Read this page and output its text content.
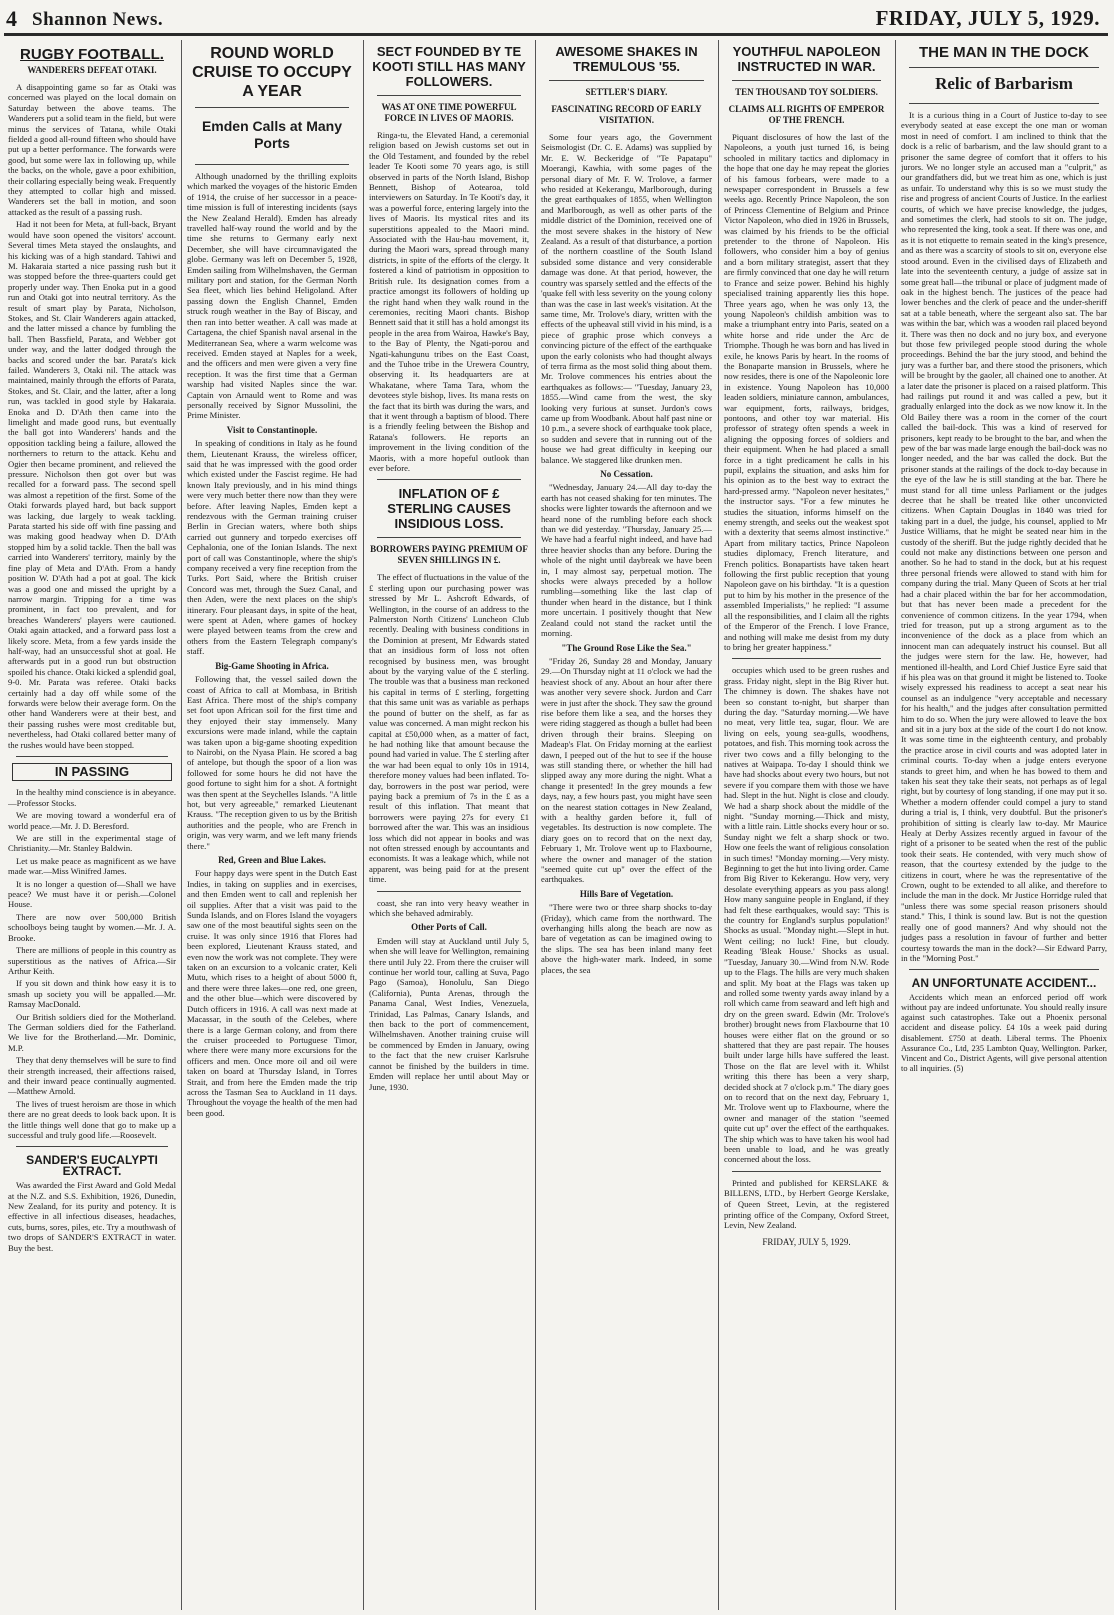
4 Shannon News.	FRIDAY, JULY 5, 1929.
RUGBY FOOTBALL.
WANDERERS DEFEAT OTAKI.

A disappointing game so far as Otaki was concerned was played on the local domain on Saturday between the above teams. The Wanderers put a solid team in the field, but were minus the services of Tatana, while Otaki fielded a good all-round fifteen who should have put up a better performance. The forwards were good, but some were lax in following up, while the backs, on the whole, gave a poor exhibition, their collaring especially being weak. Frequently they attempted to collar high and missed. Wanderers set the ball in motion, and soon attacked as the result of a passing rush.

Had it not been for Meta, at full-back, Bryant would have soon opened the visitors' account. Several times Meta stayed the onslaughts, and his kicking was of a high standard. Tahiwi and M. Hakaraia started a nice passing rush but it was stopped before the three-quarters could get properly under way. Then Enoka put in a good run and Otaki got into neutral territory. As the result of smart play by Parata, Nicholson, Stokes, and St. Clair Wanderers again attacked, and the latter missed a chance by fumbling the ball. Then Bassfield, Parata, and Webber got under way, and the latter dodged through the backs and scored under the bar. Parata's kick failed. Wanderers 3, Otaki nil. The attack was maintained, mainly through the efforts of Parata, Stokes, and St. Clair, and the latter, after a long run, was tackled in good style by Hakaraia. Enoka and D. D'Ath then came into the limelight and made good runs, but eventually the ball got into Wanderers' hands and the opposition tackling being a failure, allowed the northerners to return to the attack. Kehu and Ogier then became prominent, and relieved the pressure. Nicholson then got over but was recalled for a forward pass. The second spell was almost a repetition of the first. Some of the Otaki forwards played hard, but back support was lacking, due largely to weak tackling. Parata started his side off with fine passing and was making good headway when D. D'Ath stopped him by a solid tackle. Then the ball was carried into Wanderers' territory, mainly by the fine play of Meta and D'Ath. From a handy position W. D'Ath had a pot at goal. The kick was a good one and missed the upright by a narrow margin. Tripping for a time was prominent, in fact too prevalent, and for breaches Wanderers' players were cautioned. Otaki again attacked, and a forward pass lost a likely score. Meta, from a few yards inside the half-way, had an unsuccessful shot at goal. He afterwards put in a good run but obstruction spoiled his chance. Otaki kicked a splendid goal, 9-0. Mr. Parata was referee. Otaki backs certainly had a day off while some of the forwards were below their average form. On the other hand Wanderers were at their best, and their passing rushes were most creditable but, nevertheless, had Otaki collared better many of the rushes would have been stopped.

IN PASSING

In the healthy mind conscience is in abeyance.—Professor Stocks.

We are moving toward a wonderful era of world peace.—Mr. J. D. Beresford.

We are still in the experimental stage of Christianity.—Mr. Stanley Baldwin.

Let us make peace as magnificent as we have made war.—Miss Winifred James.

It is no longer a question of—Shall we have peace? We must have it or perish.—Colonel House.

There are now over 500,000 British schoolboys being taught by women.—Mr. J. A. Brooke.

There are millions of people in this country as superstitious as the natives of Africa.—Sir Arthur Keith.

If you sit down and think how easy it is to smash up society you will be appalled.—Mr. Ramsay MacDonald.

Our British soldiers died for the Motherland. The German soldiers died for the Fatherland. We live for the Brotherland.—Mr. Dominic, M.P.

They that deny themselves will be sure to find their strength increased, their affections raised, and their inward peace continually augmented.—Matthew Arnold.

The lives of truest heroism are those in which there are no great deeds to look back upon. It is the little things well done that go to make up a successful and truly good life.—Roosevelt.

SANDER'S EUCALYPTI EXTRACT.

Was awarded the First Award and Gold Medal at the N.Z. and S.S. Exhibition, 1926, Dunedin, New Zealand, for its purity and potency. It is effective in all infectious diseases, headaches, cuts, burns, sores, piles, etc. Try a mouthwash of two drops of SANDER'S EXTRACT in water. Buy the best.

ROUND WORLD CRUISE TO OCCUPY A YEAR
Emden Calls at Many Ports

Although unadorned by the thrilling exploits which marked the voyages of the historic Emden of 1914, the cruise of her successor in a peace-time mission is full of interesting incidents (says the New Zealand Herald). Emden has already travelled half-way round the world and by the time she returns to Germany early next December, she will have circumnavigated the globe. Germany was left on December 5, 1928, Emden sailing from Wilhelmshaven, the German military port and station, for the German North Sea fleet, which lies behind Heligoland. After passing down the English Channel, Emden struck rough weather in the Bay of Biscay, and then ran into better weather. A call was made at Cartagena, the chief Spanish naval arsenal in the Mediterranean Sea, where a warm welcome was received. Emden stayed at Naples for a week, and the officers and men were given a very fine reception. It was the first time that a German warship had visited Naples since the war. Captain von Arnauld went to Rome and was personally received by Signor Mussolini, the Prime Minister.

Visit to Constantinople.

In speaking of conditions in Italy as he found them, Lieutenant Krauss, the wireless officer, said that he was impressed with the good order which existed under the Fascist regime. He had known Italy previously, and in his mind things were very much better there now than they were before. After leaving Naples, Emden kept a rendezvous with the German training cruiser Berlin in Grecian waters, where both ships carried out gunnery and torpedo exercises off Cephalonia, one of the Ionian Islands. The next port of call was Constantinople, where the ship's company received a very fine reception from the Turks. Port Said, where the British cruiser Concord was met, through the Suez Canal, and then Aden, were the next places on the ship's itinerary. Four pleasant days, in spite of the heat, were spent at Aden, where games of hockey were played between teams from the crew and others from the Eastern Telegraph company's staff.

Big-Game Shooting in Africa.

Following that, the vessel sailed down the coast of Africa to call at Mombasa, in British East Africa. There most of the ship's company set foot upon African soil for the first time and they enjoyed their stay immensely. Many excursions were made inland, while the captain was taken upon a big-game shooting expedition to Nairobi, on the Nyasa Plain. He scored a bag of antelope, but though the spoor of a lion was followed for some hours he did not have the good fortune to sight him for a shot. A fortnight was then spent at the Seychelles Islands. "A little hot, but very agreeable," remarked Lieutenant Krauss. "The reception given to us by the British authorities and the people, who are French in origin, was very warm, and we left many friends there."

Red, Green and Blue Lakes.

Four happy days were spent in the Dutch East Indies, in taking on supplies and in exercises, and then Emden went to call and replenish her oil supplies. After that a visit was paid to the Sunda Islands, and on Flores Island the voyagers saw one of the most beautiful sights seen on the cruise. It was only since 1916 that Flores had been explored, Lieutenant Krauss stated, and even now the work was not complete. They were taken on an excursion to a volcanic crater, Keli Mutu, which rises to a height of about 5000 ft, and there were three lakes—one red, one green, and the other blue—which were discovered by Dutch officers in 1916. A call was next made at Macassar, in the south of the Celebes, where there is a large German colony, and from there the cruiser proceeded to Portuguese Timor, where there were many more excursions for the officers and men. Once more oil and oil were taken on board at Thursday Island, in Torres Strait, and from here the Emden made the trip across the Tasman Sea to Auckland in 11 days. Throughout the voyage the health of the men had been good.

SECT FOUNDED BY TE KOOTI STILL HAS MANY FOLLOWERS.
WAS AT ONE TIME POWERFUL FORCE IN LIVES OF MAORIS.

Ringa-tu, the Elevated Hand, a ceremonial religion based on Jewish customs set out in the Old Testament, and founded by the rebel leader Te Kooti some 70 years ago, is still observed in parts of the North Island, Bishop Bennett, Bishop of Aotearoa, told interviewers on Saturday. In Te Kooti's day, it was a powerful force, entering largely into the lives of Maoris. Its mystical rites and its superstitions appealed to the Maori mind. Associated with the Hau-hau movement, it, during the Maori wars, spread through many districts, in spite of the efforts of the clergy. It fostered a kind of patriotism in opposition to British rule. Its designation comes from a practice amongst its followers of holding up the right hand when they walk round in the ceremonies, reciting Maori chants. Bishop Bennett said that it still has a hold amongst its people in the area from Wairoa, Hawke's Bay, to the Bay of Plenty, the Ngati-porou and Ngati-kahungunu tribes on the East Coast, and the Tuhoe tribe in the Urewera Country, observing it. Its headquarters are at Whakatane, where Tama Tara, whom the devotees style bishop, lives. Its mana rests on the fact that its birth was during the wars, and that it went through a baptism of blood. There is a friendly feeling between the Bishop and Ratana's followers. He reports an improvement in the living condition of the Maoris, with a more hopeful outlook than ever before.

INFLATION OF £ STERLING CAUSES INSIDIOUS LOSS.
BORROWERS PAYING PREMIUM OF SEVEN SHILLINGS IN £.

The effect of fluctuations in the value of the £ sterling upon our purchasing power was stressed by Mr L. Ashcroft Edwards, of Wellington, in the course of an address to the Palmerston North Citizens' Luncheon Club recently. Dealing with business conditions in the Dominion at present, Mr Edwards stated that an insidious form of loss not often recognised by business men, was brought about by the varying value of the £ sterling. The trouble was that a business man reckoned his capital in terms of £ sterling, forgetting that this same unit was as variable as perhaps the pound of butter on the shelf, as far as value was concerned. A man might reckon his capital at £50,000 when, as a matter of fact, he had nothing like that amount because the pound had varied in value. The £ sterling after the war had been equal to only 10s in 1914, therefore money values had been inflated. To-day, borrowers in the post war period, were paying back a premium of 7s in the £ as a result of this inflation. That meant that borrowers were paying 27s for every £1 borrowed after the war. This was an insidious loss which did not appear in books and was not often stressed enough by accountants and economists. It was a leakage which, while not apparent, was being paid for at the present time.

coast, she ran into very heavy weather in which she behaved admirably.

Other Ports of Call.

Emden will stay at Auckland until July 5, when she will leave for Wellington, remaining there until July 22. From there the cruiser will continue her world tour, calling at Suva, Pago Pago (Samoa), Honolulu, San Diego (California), Punta Arenas, through the Panama Canal, West Indies, Venezuela, Trinidad, Las Palmas, Canary Islands, and then back to the port of commencement, Wilhelmshaven. Another training cruise will be commenced by Emden in January, owing to the fact that the new cruiser Karlsruhe cannot be finished by the builders in time. Emden will replace her until about May or June, 1930.

AWESOME SHAKES IN TREMULOUS '55.
SETTLER'S DIARY.
FASCINATING RECORD OF EARLY VISITATION.

Some four years ago, the Government Seismologist (Dr. C. E. Adams) was supplied by Mr. E. W. Beckeridge of "Te Papatapu" Moerangi, Kawhia, with some pages of the personal diary of Mr. F. W. Trolove, a farmer who resided at Kekerangu, Marlborough, during the great earthquakes of 1855, when Wellington and Marlborough, as well as other parts of the middle district of the Dominion, received one of the most severe shakes in the history of New Zealand. As a result of that disturbance, a portion of the northern coastline of the South Island subsided some distance and very considerable damage was done. At that period, however, the country was sparsely settled and the effects of the 'quake fell with less severity on the young colony than was the case in last week's visitation. At the same time, Mr. Trolove's diary, written with the effects of the upheaval still vivid in his mind, is a piece of graphic prose which conveys a convincing picture of the effect of the earthquake upon the early colonists who had thought always of terra firma as the most solid thing about them. Mr. Trolove commences his entries about the earthquakes as follows:— "Tuesday, January 23, 1855.—Wind came from the west, the sky looking very furious at sunset. Jurdon's cows came up from Woodbank. About half past nine or 10 p.m., a severe shock of earthquake took place, so sudden and severe that in running out of the house we had great difficulty in keeping our balance. We staggered like drunken men.

No Cessation.

"Wednesday, January 24.—All day to-day the earth has not ceased shaking for ten minutes. The shocks were lighter towards the afternoon and we heard none of the rumbling before each shock than we did yesterday. "Thursday, January 25.—We have had a fearful night indeed, and have had three heavier shocks than any before. During the whole of the night until daybreak we have been in, I may almost say, perpetual motion. The shocks were always preceded by a hollow rumbling—something like the last clap of thunder when heard in the distance, but I think more uncertain. I positively thought that New Zealand could not stand the racket until the morning.

"The Ground Rose Like the Sea."

"Friday 26, Sunday 28 and Monday, January 29.—On Thursday night at 11 o'clock we had the heaviest shock of any. About an hour after there was another very severe shock. Jurdon and Carr were in just after the shock. They saw the ground rise before them like a sea, and the horses they were riding staggered as though a bullet had been driven through their brains. Sleeping on Madeap's Flat. On Friday morning at the earliest dawn, I peeped out of the hut to see if the house was still standing there, or whether the hill had slipped away any more during the night. What a change it presented! In the grey mounds a few days, nay, a few hours past, you might have seen on the nearest station cottages in New Zealand, with a healthy garden before it, full of vegetables. Its destruction is now complete. The diary goes on to record that on the next day, February 1, Mr. Trolove went up to Flaxbourne, where the owner and manager of the station "seemed quite cut up" over the effect of the earthquakes.

Hills Bare of Vegetation.

"There were two or three sharp shocks to-day (Friday), which came from the northward. The overhanging hills along the beach are now as bare of vegetation as can be imagined owing to the slips. The sea has been inland many feet above the high-water mark. Indeed, in some places, the sea

YOUTHFUL NAPOLEON INSTRUCTED IN WAR.
TEN THOUSAND TOY SOLDIERS.
CLAIMS ALL RIGHTS OF EMPEROR OF THE FRENCH.

Piquant disclosures of how the last of the Napoleons, a youth just turned 16, is being schooled in military tactics and diplomacy in the hope that one day he may repeat the glories of his famous forbears, were made to a newspaper correspondent in Brussels a few weeks ago. Recently Prince Napoleon, the son of Princess Clementine of Belgium and Prince Victor Napoleon, who died in 1926 in Brussels, was claimed by his friends to be the official pretender to the throne of Napoleon. His followers, who consider him a boy of genius and a born military strategist, assert that they are firmly convinced that one day he will return to France and seize power. Behind his highly specialised training apparently lies this hope. Three years ago, when he was only 13, the young Napoleon's childish ambition was to make a triumphant entry into Paris, seated on a white horse and ride under the Arc de Triomphe. Though he was born and has lived in exile, he knows Paris by heart. In the rooms of the Bonaparte mansion in Brussels, where he now resides, there is one of the Napoleonic lore in existence. Young Napoleon has 10,000 leaden soldiers, miniature cannon, ambulances, war equipment, forts, railways, bridges, pontoons, and other toy war material. His professor of strategy often spends a week in aligning the opposing forces of soldiers and their equipment. When he had placed a small force in a tight predicament he calls in his pupil, explains the situation, and asks him for his opinion as to the best way to extract the hard-pressed army. "Napoleon never hesitates," the instructor says. "For a few minutes he studies the situation, informs himself on the enemy strength, and seeks out the weakest spot with a dexterity that seems almost instinctive." Apart from military tactics, Prince Napoleon studies diplomacy, French literature, and French politics. Bonapartists have taken heart following the first public reception that young Napoleon gave on his birthday. "It is a question put to him by his mother in the presence of the assembled Imperialists," he replied: "I assume all the responsibilities, and I claim all the rights of the Emperor of the French. I love France, and nothing will make me desist from my duty to bring her greater happiness."

occupies which used to be green rushes and grass. Friday night, slept in the Big River hut. The chimney is down. The shakes have not been so constant to-night, but sharper than during the day. "Saturday morning.—We have no meat, very little tea, sugar, flour. We are living on eels, young sea-gulls, woodhens, potatoes, and fish. This morning took across the river two cows and a filly belonging to the natives at Waipapa. To-day I should think we have had shocks about every two hours, but not severe if you compare them with those we have had. Slept in the hut. Night is close and cloudy. We had a sharp shock about the middle of the night. "Sunday morning.—Thick and misty, with a little rain. Little shocks every hour or so. Sunday night we felt a sharp shock or two. How one feels the want of religious consolation in such times! "Monday morning.—Very misty. Beginning to get the hut into living order. Came from Big River to Kekerangu. How very, very desolate everything appears as you pass along! How many sanguine people in England, if they had felt these earthquakes, would say: 'This is the country for England's surplus population!' Shocks as usual. "Monday night.—Slept in hut. Went ceiling; no luck! Fine, but cloudy. Reading 'Bleak House.' Shocks as usual. "Tuesday, January 30.—Wind from N.W. Rode up to the Flags. The hills are very much shaken and split. My boat at the Flags was taken up and rolled some twenty yards away inland by a roll which came from seaward and left high and dry on the green sward. Edwin (Mr. Trolove's brother) brought news from Flaxbourne that 10 houses were either flat on the ground or so shattered that they are past repair. The houses built under large hills have suffered the least. Those on the flat are level with it. Whilst writing this there has been a very sharp, decided shock at 7 o'clock p.m." The diary goes on to record that on the next day, February 1, Mr. Trolove went up to Flaxbourne, where the owner and manager of the station "seemed quite cut up" over the effect of the earthquakes. The ship which was to have taken his wool had been unable to load, and he was greatly concerned about the loss.

Printed and published for KERSLAKE & BILLENS, LTD., by Herbert George Kerslake, of Queen Street, Levin, at the registered printing office of the Company, Oxford Street, Levin, New Zealand.

FRIDAY, JULY 5, 1929.
THE MAN IN THE DOCK
Relic of Barbarism

It is a curious thing in a Court of Justice to-day to see everybody seated at ease except the one man or woman most in need of comfort. I am inclined to think that the dock is a relic of barbarism, and the law should grant to a prisoner the same degree of comfort that it offers to his jurors. We no longer style an accused man a "culprit," as our grandfathers did, but we treat him as one, which is just as unfair. To understand why this is so we must study the rise and progress of ancient Courts of Justice. In the earliest courts, of which we have precise knowledge, the judges, and sometimes the clerk, had stools to sit on. The judge, who represented the king, took a seat. If there was one, and as it is not etiquette to remain seated in the king's presence, and as there was a scarcity of stools to sit on, everyone else stood around. Even in the civilised days of Elizabeth and late into the seventeenth century, a judge of assize sat in some great hall—the tribunal or place of judgment made of oak in the highest bench. The justices of the peace had lower benches and the clerk of peace and the under-sheriff sat at a table beneath, where the sergeant also sat. The bar was within the bar, which was a wooden rail placed beyond it. There was then no dock and no jury box, and everyone but those few privileged people stood during the whole proceedings. Behind the bar the jury stood, and behind the jury was a further bar, and there stood the prisoners, which will be brought by the gaoler, all chained one to another. At a later date the prisoner is placed on a raised platform. This had railings put round it and was called a pew, but it gradually enlarged into the dock as we now know it. In the Old Bailey there was a room in the corner of the court called the bail-dock. This was a kind of reserved for prisoners, kept ready to be brought to the bar, and when the pew of the bar was made large enough the bail-dock was no longer needed, and the bar was called the dock. But the prisoner stands at the railings of the dock to-day because in the eye of the law he is still standing at the bar. There he must stand for all time unless Parliament or the judges decree that he shall be treated like other unconvicted citizens. When Captain Douglas in 1840 was tried for taking part in a duel, the judge, his counsel, applied to Mr Justice Williams, that he might be seated near him in the custody of the sheriff. But the judge rightly decided that he could not make any distinctions between one person and another. So he had to stand in the dock, but at his request three personal friends were allowed to stand with him for company during the trial. Many Queen of Scots at her trial had a chair placed within the bar for her accommodation, but that has never been made a precedent for the convenience of common citizens. In the year 1794, when tried for treason, put up a strong argument as to the inconvenience of the dock as a place from which an innocent man can adequately instruct his counsel. But all the judges were stern for the law. He, however, had mentioned ill-health, and Lord Chief Justice Eyre said that if his plea was on that ground it might be listened to. Tooke wisely expressed his readiness to accept a seat near his counsel as an indulgence "very acceptable and necessary for his health," and the judges after consultation permitted him to do so. When the jury were allowed to leave the box and sit in a jury box at the side of the court I do not know. It was some time in the eighteenth century, and probably the practice arose in civil courts and was adopted later in criminal courts. To-day when a judge enters everyone stands to greet him, and when he has bowed to them and taken his seat they take their seats, not perhaps as of legal right, but by courtesy of long standing, if one may put it so. Whether a modern offender could compel a jury to stand during a trial is, I think, very doubtful. But the prisoner's prohibition of sitting is clearly law to-day. Mr Maurice Healy at Derby Assizes recently argued in favour of the right of a prisoner to be seated when the rest of the public took their seats. He contended, with very much show of reason, that the courtesy extended by the judge to the citizens in court, where he was the representative of the Crown, ought to be extended to all alike, and therefore to include the man in the dock. Mr Justice Horridge ruled that "unless there was some special reason prisoners should stand." This, I think is sound law. But is not the question really one of good manners? And why should not the judges pass a resolution in favour of further and better courtesy towards the man in the dock?—Sir Edward Parry, in the "Morning Post."

AN UNFORTUNATE ACCIDENT...

Accidents which mean an enforced period off work without pay are indeed unfortunate. You should really insure against such catastrophes. Take out a Phoenix personal accident and disease policy. £4 10s a week paid during disablement. £750 at death. Liberal terms. The Phoenix Assurance Co., Ltd, 235 Lambton Quay, Wellington. Parker, Vincent and Co., District Agents, will give personal attention to all inquiries. (5)
